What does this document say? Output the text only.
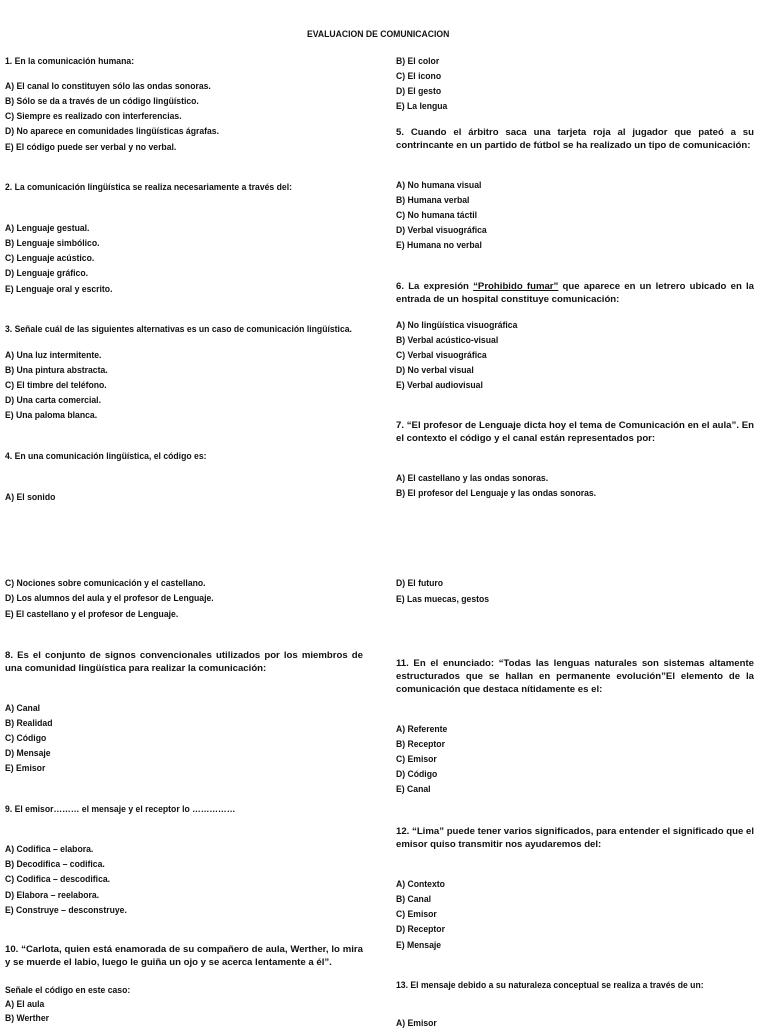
EVALUACION DE COMUNICACION
1. En la comunicación humana:
A) El canal lo constituyen sólo las ondas sonoras.
B) Sólo se da a través de un código lingüístico.
C) Siempre es realizado con interferencias.
D) No aparece en comunidades lingüísticas ágrafas.
E) El código puede ser verbal y no verbal.
2. La comunicación lingüística se realiza necesariamente a través del:
A) Lenguaje gestual.
B) Lenguaje simbólico.
C) Lenguaje acústico.
D) Lenguaje gráfico.
E) Lenguaje oral y escrito.
3. Señale cuál de las siguientes alternativas es un caso de comunicación lingüística.
A) Una luz intermitente.
B) Una pintura abstracta.
C) El timbre del teléfono.
D) Una carta comercial.
E) Una paloma blanca.
4. En una comunicación lingüística, el código es:
A) El sonido
C) Nociones sobre comunicación y el castellano.
D) Los alumnos del aula y el profesor de Lenguaje.
E) El castellano y el profesor de Lenguaje.
8. Es el conjunto de signos convencionales utilizados por los miembros de una comunidad lingüística para realizar la comunicación:
A) Canal
B) Realidad
C) Código
D) Mensaje
E) Emisor
9. El emisor……… el mensaje y el receptor lo ……………
A) Codifica – elabora.
B) Decodifica – codifica.
C) Codifica – descodifica.
D) Elabora – reelabora.
E) Construye – desconstruye.
10. “Carlota, quien está enamorada de su compañero de aula, Werther, lo mira y se muerde el labio, luego le guiña un ojo y se acerca lentamente a él”.
Señale el código en este caso:
A) El aula
B) Werther
B) El color
C) El icono
D) El gesto
E) La lengua
5. Cuando el árbitro saca una tarjeta roja al jugador que pateó a su contrincante en un partido de fútbol se ha realizado un tipo de comunicación:
A) No humana visual
B) Humana verbal
C) No humana táctil
D) Verbal visuográfica
E) Humana no verbal
6. La expresión “Prohibido fumar” que aparece en un letrero ubicado en la entrada de un hospital constituye comunicación:
A) No lingüística visuográfica
B) Verbal acústico-visual
C) Verbal visuográfica
D) No verbal visual
E) Verbal audiovisual
7. “El profesor de Lenguaje dicta hoy el tema de Comunicación en el aula”. En el contexto el código y el canal están representados por:
A) El castellano y las ondas sonoras.
B) El profesor del Lenguaje y las ondas sonoras.
D) El futuro
E) Las muecas, gestos
11. En el enunciado: “Todas las lenguas naturales son sistemas altamente estructurados que se hallan en permanente evolución”El elemento de la comunicación que destaca nítidamente es el:
A) Referente
B) Receptor
C) Emisor
D) Código
E) Canal
12. “Lima” puede tener varios significados, para entender el significado que el emisor quiso transmitir nos ayudaremos del:
A) Contexto
B) Canal
C) Emisor
D) Receptor
E) Mensaje
13. El mensaje debido a su naturaleza conceptual se realiza a través de un:
A) Emisor
